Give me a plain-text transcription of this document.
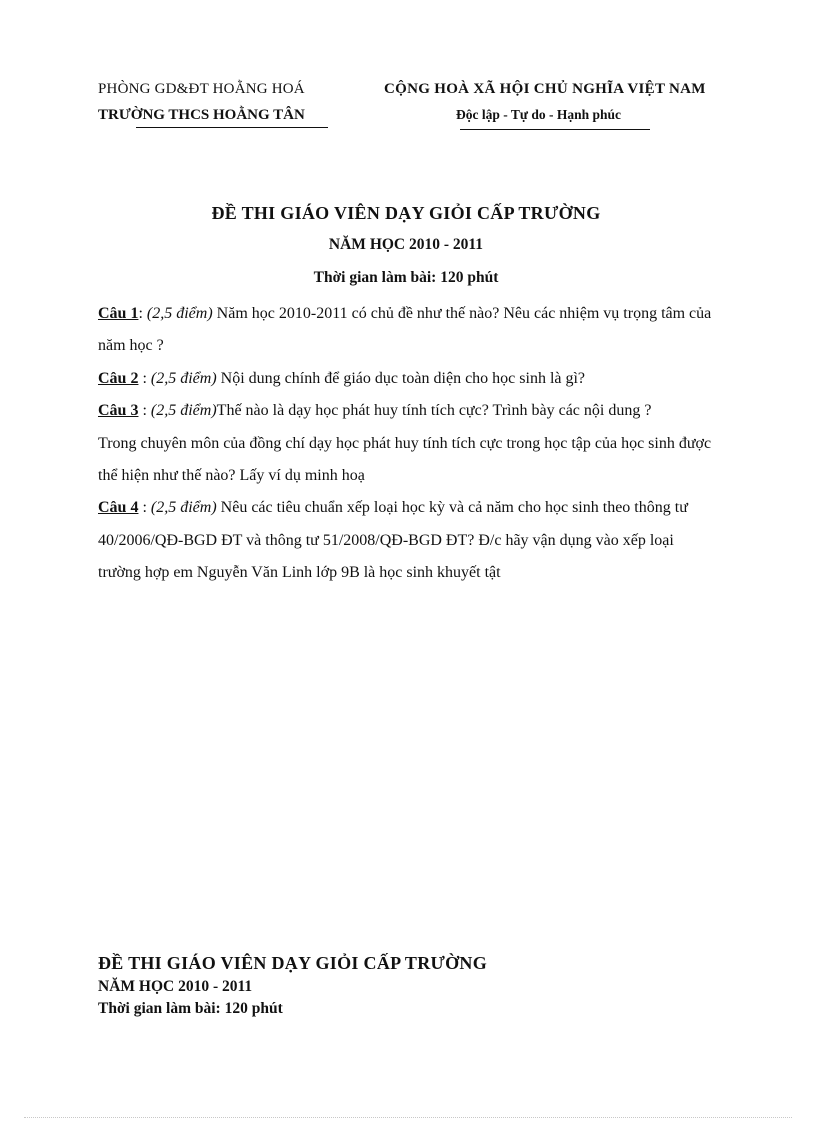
PHÒNG GD&ĐT HOẰNG HOÁ
TRƯỜNG THCS HOẰNG TÂN
CỘNG HOÀ XÃ HỘI CHỦ NGHĨA VIỆT NAM
Độc lập - Tự do - Hạnh phúc
ĐỀ THI GIÁO VIÊN DẠY GIỎI CẤP TRƯỜNG
NĂM HỌC 2010 - 2011
Thời gian làm bài: 120 phút

Câu 1: (2,5 điểm) Năm học 2010-2011 có chủ đề như thế nào? Nêu các nhiệm vụ trọng tâm của năm học ?

Câu 2 : (2,5 điểm) Nội dung chính để giáo dục toàn diện cho học sinh là gì?

Câu 3 : (2,5 điểm)Thế nào là dạy học phát huy tính tích cực? Trình bày các nội dung ?

Trong chuyên môn của đồng chí dạy học phát huy tính tích cực trong học tập của học sinh được thể hiện như thế nào? Lấy ví dụ minh hoạ

Câu 4 : (2,5 điểm) Nêu các tiêu chuẩn xếp loại học kỳ và cả năm cho học sinh theo thông tư 40/2006/QĐ-BGD ĐT và thông tư 51/2008/QĐ-BGD ĐT? Đ/c hãy vận dụng vào xếp loại trường hợp em Nguyễn Văn Linh lớp 9B là học sinh khuyết tật

ĐỀ THI GIÁO VIÊN DẠY GIỎI CẤP TRƯỜNG
NĂM HỌC 2010 - 2011
Thời gian làm bài: 120 phút
